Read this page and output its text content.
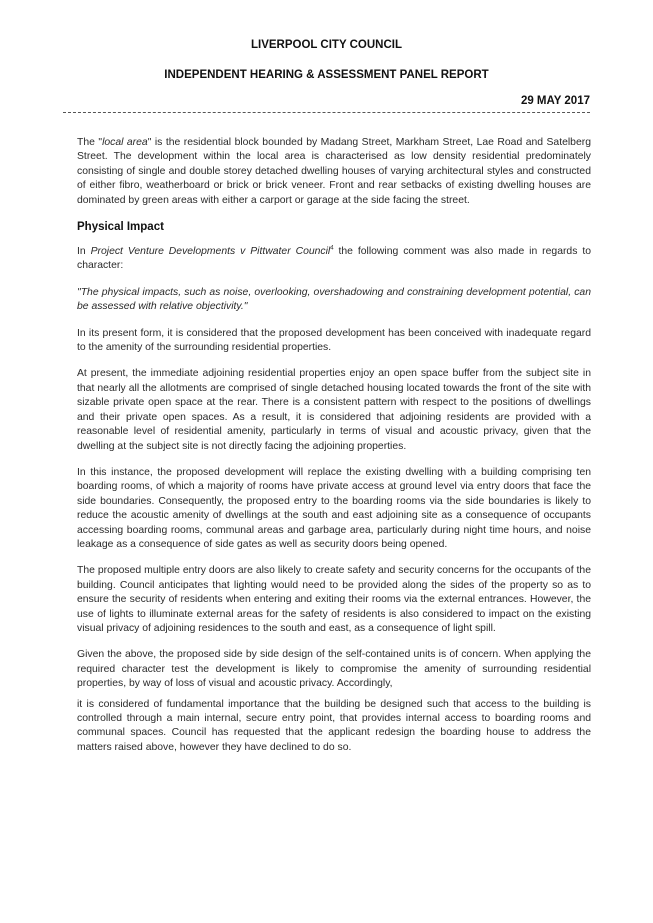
LIVERPOOL CITY COUNCIL
INDEPENDENT HEARING & ASSESSMENT PANEL REPORT
29 MAY 2017

The "local area" is the residential block bounded by Madang Street, Markham Street, Lae Road and Satelberg Street. The development within the local area is characterised as low density residential predominately consisting of single and double storey detached dwelling houses of varying architectural styles and constructed of either fibro, weatherboard or brick or brick veneer. Front and rear setbacks of existing dwelling houses are dominated by green areas with either a carport or garage at the side facing the street.

Physical Impact

In Project Venture Developments v Pittwater Council$^4$ the following comment was also made in regards to character:

"The physical impacts, such as noise, overlooking, overshadowing and constraining development potential, can be assessed with relative objectivity."

In its present form, it is considered that the proposed development has been conceived with inadequate regard to the amenity of the surrounding residential properties.

At present, the immediate adjoining residential properties enjoy an open space buffer from the subject site in that nearly all the allotments are comprised of single detached housing located towards the front of the site with sizable private open space at the rear. There is a consistent pattern with respect to the positions of dwellings and their private open spaces. As a result, it is considered that adjoining residents are provided with a reasonable level of residential amenity, particularly in terms of visual and acoustic privacy, given that the dwelling at the subject site is not directly facing the adjoining properties.

In this instance, the proposed development will replace the existing dwelling with a building comprising ten boarding rooms, of which a majority of rooms have private access at ground level via entry doors that face the side boundaries. Consequently, the proposed entry to the boarding rooms via the side boundaries is likely to reduce the acoustic amenity of dwellings at the south and east adjoining site as a consequence of occupants accessing boarding rooms, communal areas and garbage area, particularly during night time hours, and noise leakage as a consequence of side gates as well as security doors being opened.

The proposed multiple entry doors are also likely to create safety and security concerns for the occupants of the building. Council anticipates that lighting would need to be provided along the sides of the property so as to ensure the security of residents when entering and exiting their rooms via the external entrances. However, the use of lights to illuminate external areas for the safety of residents is also considered to impact on the existing visual privacy of adjoining residences to the south and east, as a consequence of light spill.

Given the above, the proposed side by side design of the self-contained units is of concern. When applying the required character test the development is likely to compromise the amenity of surrounding residential properties, by way of loss of visual and acoustic privacy. Accordingly,

it is considered of fundamental importance that the building be designed such that access to the building is controlled through a main internal, secure entry point, that provides internal access to boarding rooms and communal spaces. Council has requested that the applicant redesign the boarding house to address the matters raised above, however they have declined to do so.
